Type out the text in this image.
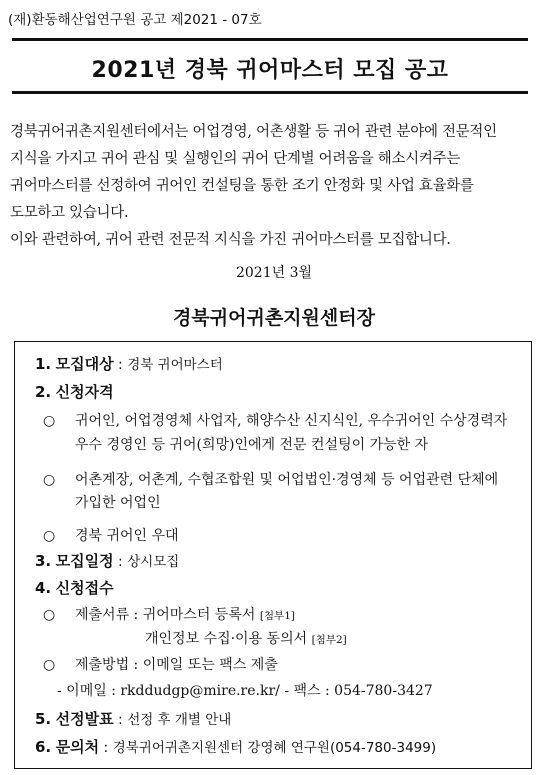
(재)환동해산업연구원 공고 제2021 - 07호
2021년 경북 귀어마스터 모집 공고
경북귀어귀촌지원센터에서는 어업경영, 어촌생활 등 귀어 관련 분야에 전문적인
지식을 가지고 귀어 관심 및 실행인의 귀어 단계별 어려움을 해소시켜주는
귀어마스터를 선정하여 귀어인 컨설팅을 통한 조기 안정화 및 사업 효율화를
도모하고 있습니다.
이와 관련하여, 귀어 관련 전문적 지식을 가진 귀어마스터를 모집합니다.
2021년 3월
경북귀어귀촌지원센터장
1. 모집대상 : 경북 귀어마스터
2. 신청자격
○ 귀어인, 어업경영체 사업자, 해양수산 신지식인, 우수귀어인 수상경력자
우수 경영인 등 귀어(희망)인에게 전문 컨설팅이 가능한 자
○ 어촌계장, 어촌계, 수협조합원 및 어업법인·경영체 등 어업관련 단체에
가입한 어업인
○ 경북 귀어인 우대
3. 모집일정 : 상시모집
4. 신청접수
○ 제출서류 : 귀어마스터 등록서 [첨부1]
개인정보 수집·이용 동의서 [첨부2]
○ 제출방법 : 이메일 또는 팩스 제출
- 이메일 : rkddudgp@mire.re.kr/ - 팩스 : 054-780-3427
5. 선정발표 : 선정 후 개별 안내
6. 문의처 : 경북귀어귀촌지원센터 강영혜 연구원(054-780-3499)
